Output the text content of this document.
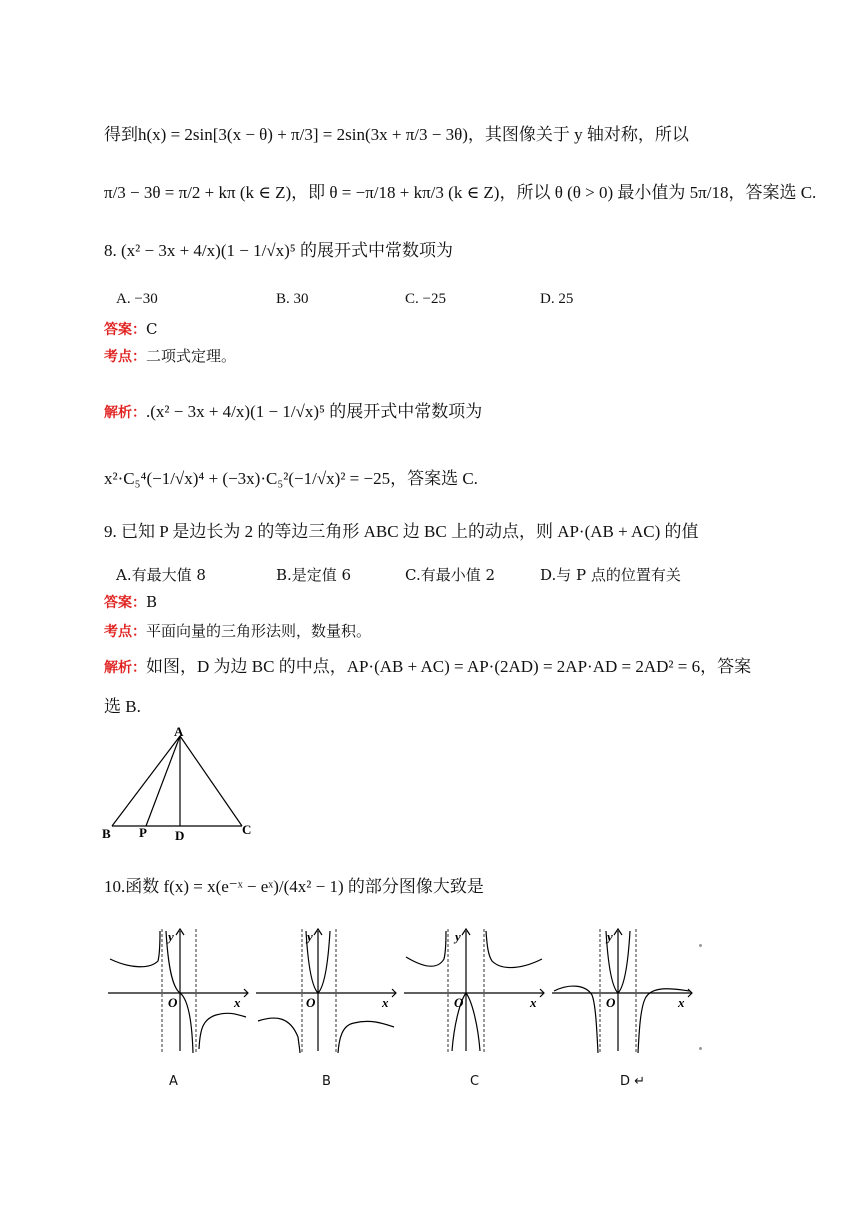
得到h(x) = 2sin[3(x − θ) + π/3] = 2sin(3x + π/3 − 3θ)，其图像关于 y 轴对称，所以
π/3 − 3θ = π/2 + kπ (k ∈ Z)，即 θ = −π/18 + kπ/3 (k ∈ Z)，所以 θ (θ > 0) 最小值为 5π/18，答案选 C.
8. (x² − 3x + 4/x)(1 − 1/√x)⁵ 的展开式中常数项为
A. −30	B. 30	C. −25	D. 25
答案：C
考点：二项式定理。
解析：.(x² − 3x + 4/x)(1 − 1/√x)⁵ 的展开式中常数项为
x²·C₅⁴(−1/√x)⁴ + (−3x)·C₅²(−1/√x)² = −25，答案选 C.
9. 已知 P 是边长为 2 的等边三角形 ABC 边 BC 上的动点，则 AP·(AB + AC) 的值
A.有最大值 8	B.是定值 6	C.有最小值 2	D.与 P 点的位置有关
答案：B
考点：平面向量的三角形法则，数量积。
解析：如图，D 为边 BC 的中点，AP·(AB + AC) = AP·(2AD) = 2AP·AD = 2AD² = 6，答案
选 B.
A
B P D	C
10.函数 f(x) = x(e⁻ˣ − eˣ)/(4x² − 1) 的部分图像大致是
y
x
O
A
y
x
O
B
y
x
O
C
y
x
O
D ↵
